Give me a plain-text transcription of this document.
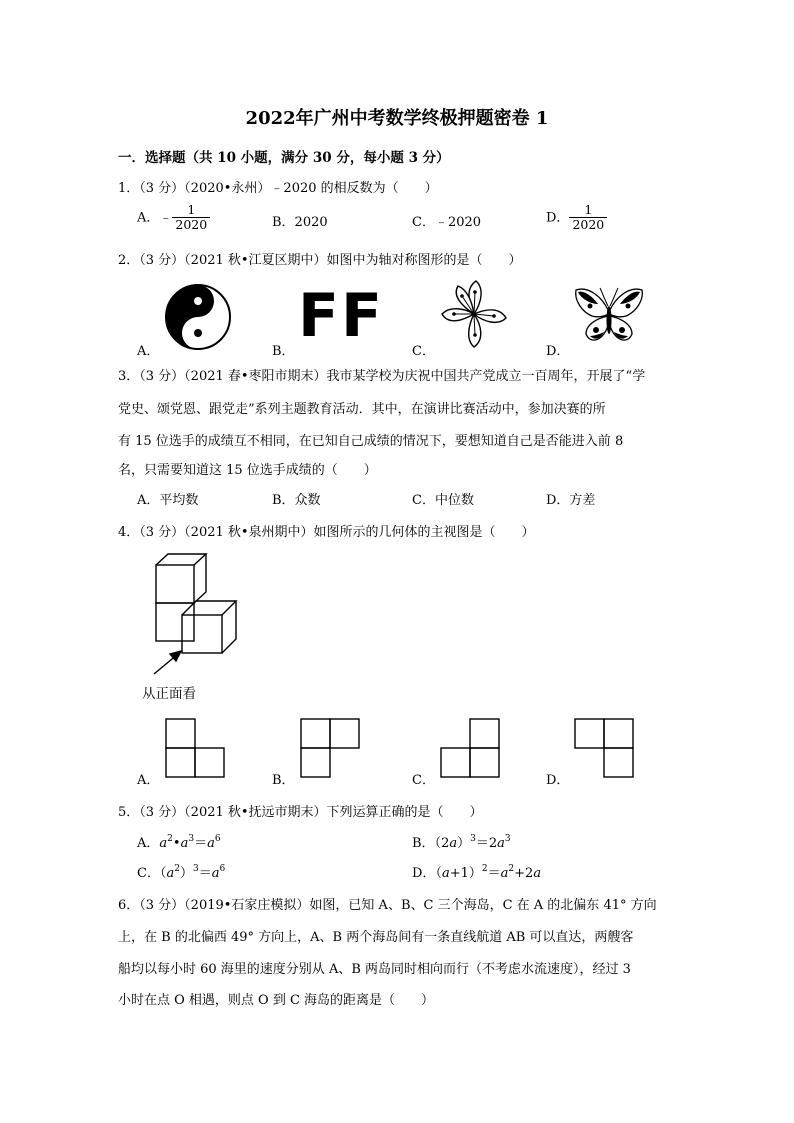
2022年广州中考数学终极押题密卷 1
一．选择题（共 10 小题，满分 30 分，每小题 3 分）
1．（3 分）（2020•永州）﹣2020 的相反数为（　　）
A．﹣ $\frac{1}{2020}$	B．2020	C．﹣2020	D． $\frac{1}{2020}$
2．（3 分）（2021 秋•江夏区期中）如图中为轴对称图形的是（　　）
A．	B．	C．	D．
FF
3．（3 分）（2021 春•枣阳市期末）我市某学校为庆祝中国共产党成立一百周年，开展了“学
党史、颂党恩、跟党走”系列主题教育活动．其中，在演讲比赛活动中，参加决赛的所
有 15 位选手的成绩互不相同，在已知自己成绩的情况下，要想知道自己是否能进入前 8
名，只需要知道这 15 位选手成绩的（　　）
A．平均数	B．众数	C．中位数	D．方差
4．（3 分）（2021 秋•泉州期中）如图所示的几何体的主视图是（　　）
从正面看
A．	B．	C．	D．
5．（3 分）（2021 秋•抚远市期末）下列运算正确的是（　　）
A．$a^2•a^3=a^6$	B．$(2a)^3=2a^3$
C．$(a^2)^3=a^6$	D．$(a+1)^2=a^2+2a$
6．（3 分）（2019•石家庄模拟）如图，已知 A、B、C 三个海岛，C 在 A 的北偏东 41° 方向
上，在 B 的北偏西 49° 方向上，A、B 两个海岛间有一条直线航道 AB 可以直达，两艘客
船均以每小时 60 海里的速度分别从 A、B 两岛同时相向而行（不考虑水流速度），经过 3
小时在点 O 相遇，则点 O 到 C 海岛的距离是（　　）
